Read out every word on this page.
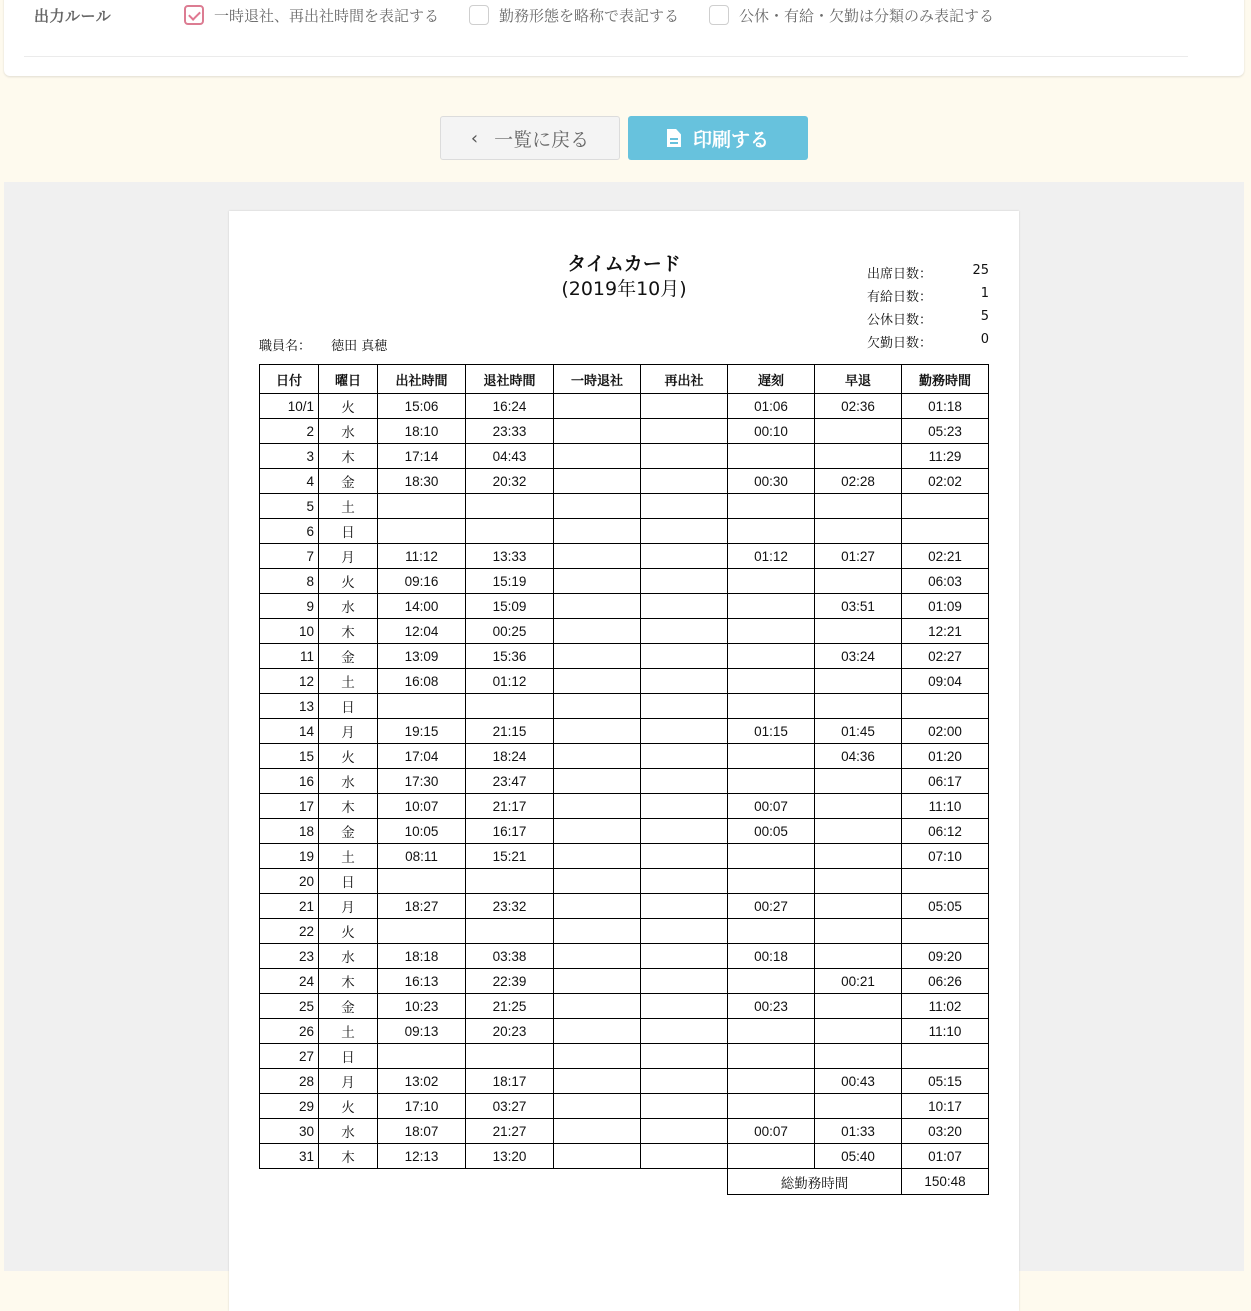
出力ルール	一時退社、再出社時間を表記する	勤務形態を略称で表記する	公休・有給・欠勤は分類のみ表記する
‹ 一覧に戻る	印刷する
タイムカード
(2019年10月)
出席日数：	25
有給日数：	1
公休日数：	5
欠勤日数：	0
職員名： 徳田 真穂
日付	曜日	出社時間	退社時間	一時退社	再出社	遅刻	早退	勤務時間
10/1	火	15:06	16:24			01:06	02:36	01:18
2	水	18:10	23:33			00:10		05:23
3	木	17:14	04:43					11:29
4	金	18:30	20:32			00:30	02:28	02:02
5	土							
6	日							
7	月	11:12	13:33			01:12	01:27	02:21
8	火	09:16	15:19					06:03
9	水	14:00	15:09				03:51	01:09
10	木	12:04	00:25					12:21
11	金	13:09	15:36				03:24	02:27
12	土	16:08	01:12					09:04
13	日							
14	月	19:15	21:15			01:15	01:45	02:00
15	火	17:04	18:24				04:36	01:20
16	水	17:30	23:47					06:17
17	木	10:07	21:17			00:07		11:10
18	金	10:05	16:17			00:05		06:12
19	土	08:11	15:21					07:10
20	日							
21	月	18:27	23:32			00:27		05:05
22	火							
23	水	18:18	03:38			00:18		09:20
24	木	16:13	22:39				00:21	06:26
25	金	10:23	21:25			00:23		11:02
26	土	09:13	20:23					11:10
27	日							
28	月	13:02	18:17				00:43	05:15
29	火	17:10	03:27					10:17
30	水	18:07	21:27			00:07	01:33	03:20
31	木	12:13	13:20				05:40	01:07
						総勤務時間		150:48
